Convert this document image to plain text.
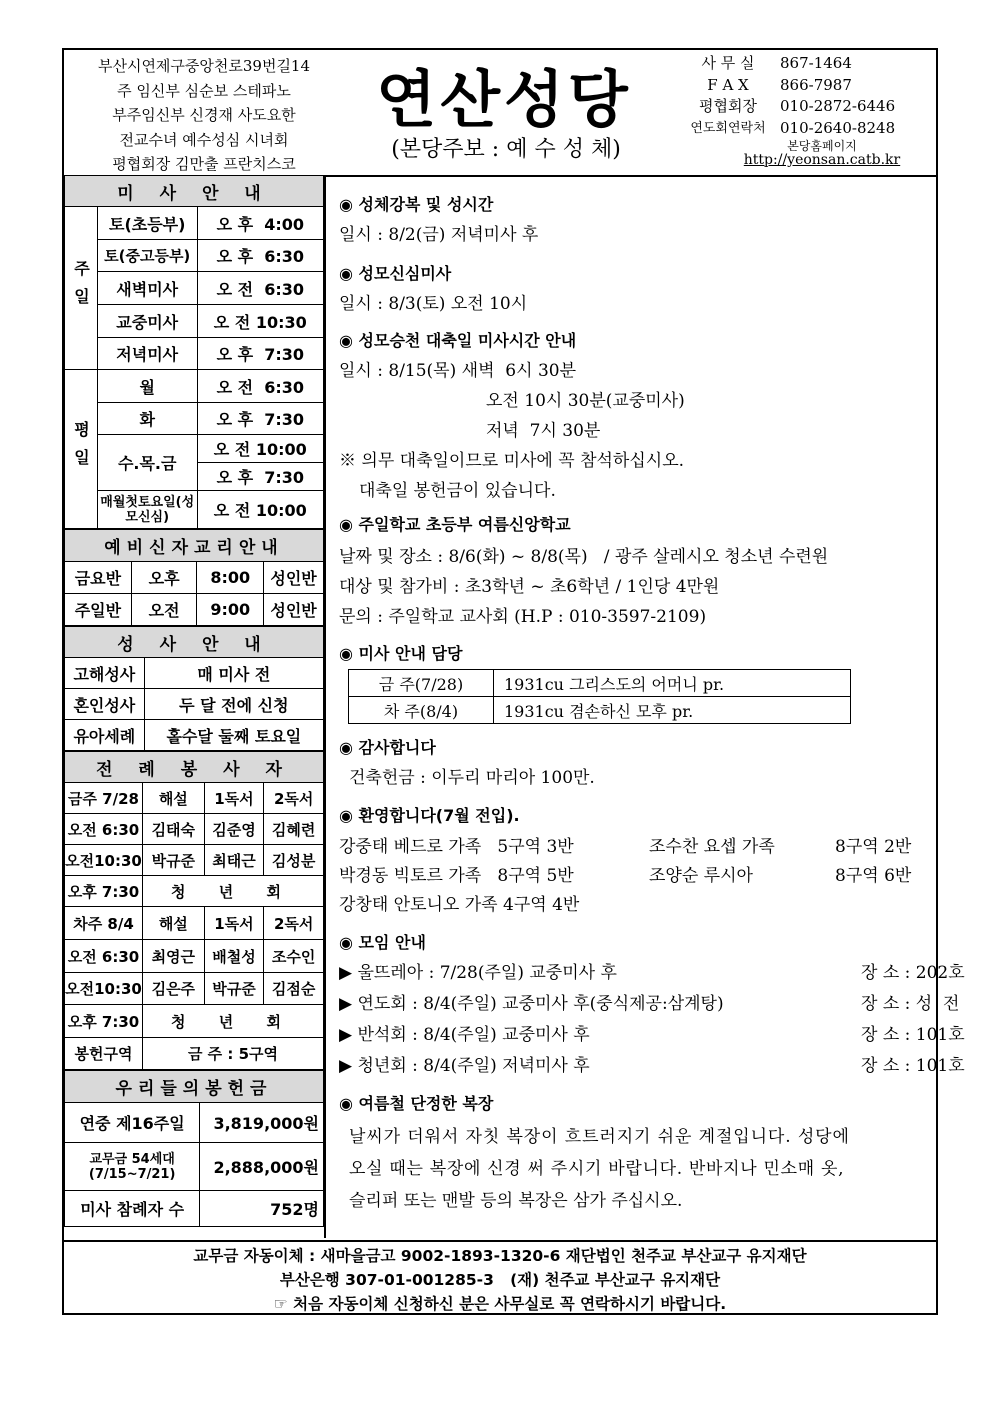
부산시연제구중앙천로39번길14
주 임신부 심순보 스테파노
부주임신부 신경재 사도요한
전교수녀 예수성심 시녀회
평협회장 김만출 프란치스코
연산성당
(본당주보 : 예 수 성 체)
사 무 실	867-1464
F A X	866-7987
평협회장	010-2872-6446
연도회연락처 010-2640-8248
본당홈페이지
http://yeonsan.catb.kr
미 사 안 내		
주일	토(초등부)	오 후  4:00
	토(중고등부)	오 후  6:30
	새벽미사	오 전  6:30
	교중미사	오 전 10:30
	저녁미사	오 후  7:30
평일	월	오 전  6:30
	화	오 후  7:30
	수.목.금	오 전 10:00
		오 후  7:30
	매월첫토요일(성모신심)	오 전 10:00
예비신자교리안내			
금요반	오후	8:00	성인반
주일반	오전	9:00	성인반
성 사 안 내	
고해성사	매 미사 전
혼인성사	두 달 전에 신청
유아세례	홀수달 둘째 토요일
전 례 봉 사 자			
금주 7/28	해설	1독서	2독서
오전 6:30	김태숙	김준영	김혜련
오전10:30	박규준	최태근	김성분
오후 7:30	청 년 회		
차주 8/4	해설	1독서	2독서
오전 6:30	최영근	배철성	조수인
오전10:30	김은주	박규준	김점순
오후 7:30	청 년 회		
봉헌구역	금 주 : 5구역		
우리들의봉헌금	
연중 제16주일	3,819,000원
교무금 54세대 (7/15~7/21)	2,888,000원
미사 참례자 수	752명
◉ 성체강복 및 성시간
일시 : 8/2(금) 저녁미사 후
◉ 성모신심미사
일시 : 8/3(토) 오전 10시
◉ 성모승천 대축일 미사시간 안내
일시 : 8/15(목) 새벽  6시 30분
오전 10시 30분(교중미사)
저녁  7시 30분
※ 의무 대축일이므로 미사에 꼭 참석하십시오.
대축일 봉헌금이 있습니다.
◉ 주일학교 초등부 여름신앙학교
날짜 및 장소 : 8/6(화) ~ 8/8(목)   / 광주 살레시오 청소년 수련원
대상 및 참가비 : 초3학년 ~ 초6학년 / 1인당 4만원
문의 : 주일학교 교사회 (H.P : 010-3597-2109)
◉ 미사 안내 담당
금 주(7/28)	1931cu 그리스도의 어머니 pr.
차 주(8/4)	1931cu 겸손하신 모후 pr.
◉ 감사합니다
건축헌금 : 이두리 마리아 100만.
◉ 환영합니다(7월 전입).
강중태 베드로 가족   5구역 3반	조수찬 요셉 가족	8구역 2반
박경동 빅토르 가족   8구역 5반	조양순 루시아	8구역 6반
강창태 안토니오 가족 4구역 4반
◉ 모임 안내
▶ 울뜨레아 : 7/28(주일) 교중미사 후	장 소 : 202호
▶ 연도회 : 8/4(주일) 교중미사 후(중식제공:삼계탕)	장 소 : 성  전
▶ 반석회 : 8/4(주일) 교중미사 후	장 소 : 101호
▶ 청년회 : 8/4(주일) 저녁미사 후	장 소 : 101호
◉ 여름철 단정한 복장
날씨가 더워서 자칫 복장이 흐트러지기 쉬운 계절입니다. 성당에
오실 때는 복장에 신경 써 주시기 바랍니다. 반바지나 민소매 옷,
슬리퍼 또는 맨발 등의 복장은 삼가 주십시오.
교무금 자동이체 : 새마을금고 9002-1893-1320-6 재단법인 천주교 부산교구 유지재단
부산은행 307-01-001285-3   (재) 천주교 부산교구 유지재단
☞ 처음 자동이체 신청하신 분은 사무실로 꼭 연락하시기 바랍니다.
